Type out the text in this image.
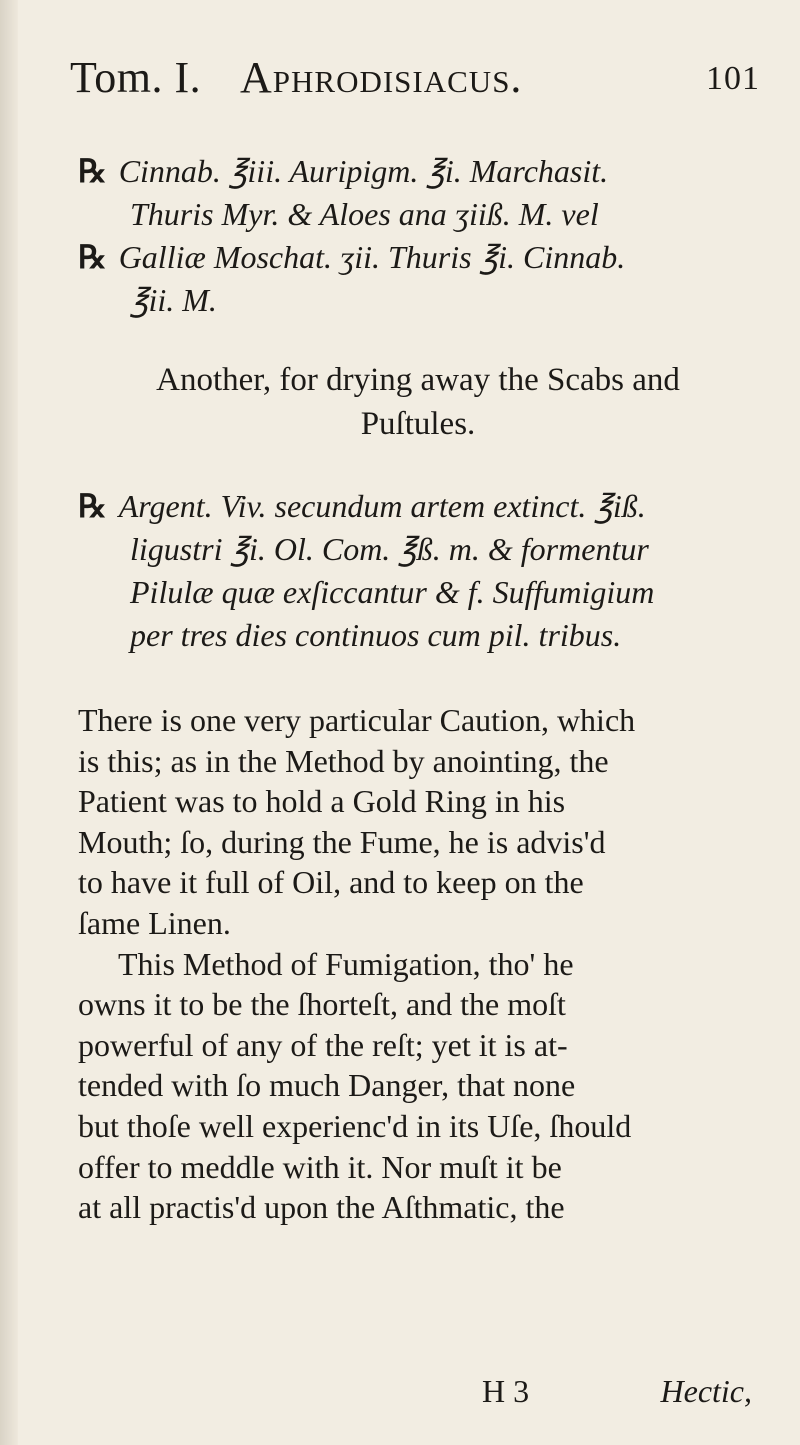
Tom. I. Aphrodisiacus.	101
℞ Cinnab. ℥iii. Auripigm. ℥i. Marchasit.
Thuris Myr. & Aloes ana ʒiiß. M. vel
℞ Galliæ Moschat. ʒii. Thuris ℥i. Cinnab.
℥ii. M.
Another, for drying away the Scabs and
Puſtules.
℞ Argent. Viv. secundum artem extinct. ℥iß.
ligustri ℥i. Ol. Com. ℥ß. m. & formentur
Pilulæ quæ exſiccantur & f. Suffumigium
per tres dies continuos cum pil. tribus.
There is one very particular Caution, which
is this; as in the Method by anointing, the
Patient was to hold a Gold Ring in his
Mouth; ſo, during the Fume, he is advis'd
to have it full of Oil, and to keep on the
ſame Linen.
This Method of Fumigation, tho' he
owns it to be the ſhorteſt, and the moſt
powerful of any of the reſt; yet it is at-
tended with ſo much Danger, that none
but thoſe well experienc'd in its Uſe, ſhould
offer to meddle with it. Nor muſt it be
at all practis'd upon the Aſthmatic, the
H 3	Hectic,
